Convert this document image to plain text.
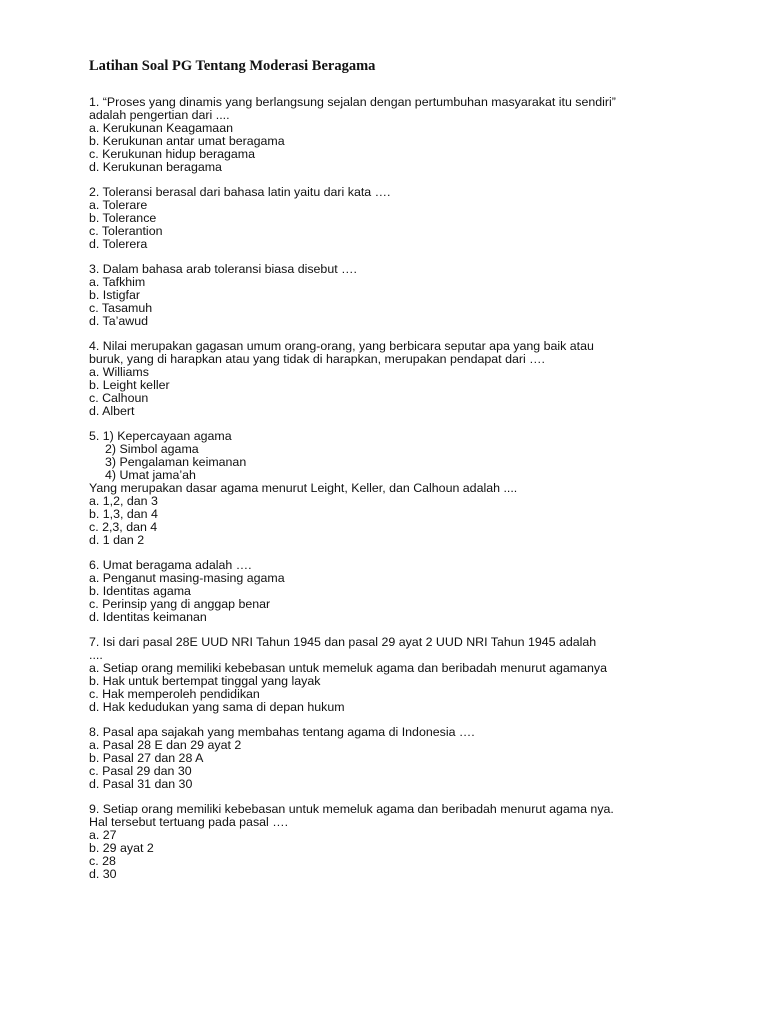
Latihan Soal PG Tentang Moderasi Beragama
1. “Proses yang dinamis yang berlangsung sejalan dengan pertumbuhan masyarakat itu sendiri”
adalah pengertian dari ....
a. Kerukunan Keagamaan
b. Kerukunan antar umat beragama
c. Kerukunan hidup beragama
d. Kerukunan beragama
2. Toleransi berasal dari bahasa latin yaitu dari kata ….
a. Tolerare
b. Tolerance
c. Tolerantion
d. Tolerera
3. Dalam bahasa arab toleransi biasa disebut ….
a. Tafkhim
b. Istigfar
c. Tasamuh
d. Ta’awud
4. Nilai merupakan gagasan umum orang-orang, yang berbicara seputar apa yang baik atau
buruk, yang di harapkan atau yang tidak di harapkan, merupakan pendapat dari ….
a. Williams
b. Leight keller
c. Calhoun
d. Albert
5. 1) Kepercayaan agama
2) Simbol agama
3) Pengalaman keimanan
4) Umat jama’ah
Yang merupakan dasar agama menurut Leight, Keller, dan Calhoun adalah ....
a. 1,2, dan 3
b. 1,3, dan 4
c. 2,3, dan 4
d. 1 dan 2
6. Umat beragama adalah ….
a. Penganut masing-masing agama
b. Identitas agama
c. Perinsip yang di anggap benar
d. Identitas keimanan
7. Isi dari pasal 28E UUD NRI Tahun 1945 dan pasal 29 ayat 2 UUD NRI Tahun 1945 adalah
....
a. Setiap orang memiliki kebebasan untuk memeluk agama dan beribadah menurut agamanya
b. Hak untuk bertempat tinggal yang layak
c. Hak memperoleh pendidikan
d. Hak kedudukan yang sama di depan hukum
8. Pasal apa sajakah yang membahas tentang agama di Indonesia ….
a. Pasal 28 E dan 29 ayat 2
b. Pasal 27 dan 28 A
c. Pasal 29 dan 30
d. Pasal 31 dan 30
9. Setiap orang memiliki kebebasan untuk memeluk agama dan beribadah menurut agama nya.
Hal tersebut tertuang pada pasal ….
a. 27
b. 29 ayat 2
c. 28
d. 30
